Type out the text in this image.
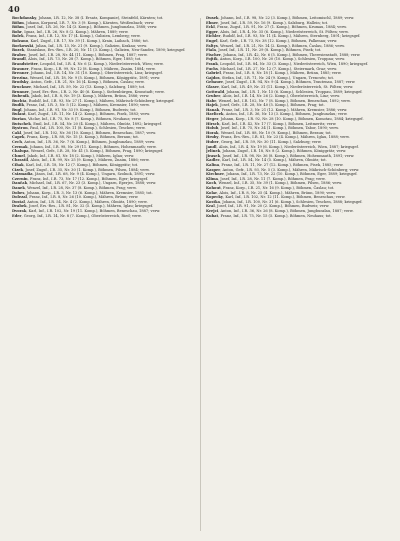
40

Bochdansky, Johann, I.R. 12, Nr. 38 (I. Ersatz, Kompanie), Steinfeld, Kärnten; tot.

Böhm, Johann, Korporal, I.R. 7, Nr. 3 (9. Komp.), Kärnten, Weißenbach; verw.

Böhm, Josef, Inf., I.R. 26, Nr. 14 (3. Komp.), Böhmen, Jungbunzlau, 1888; verw.

Bohr, Ignaz, Inf., I.R. 26, Nr. 8 (2. Komp.), Mähren, 1889; verw.

Bolek, Franz, Inf., I.R. 12, Nr. 17 (4. Komp.), Galizien, Lemberg; verw.

Bolzano, Karl, Zugsf., I.R. 17, Nr. 39 (1. Komp.), Krain, Laibach, 1886; tot.

Borkowski, Julian, Inf., I.R. 13, Nr. 21 (9. Komp.), Galizien, Krakau; verw.

Bozek, Stanislaus, Ers.-Res., I.R. 20, Nr. 11 (3. Komp.), Galizien, Neu-Sandez, 1890; kriegsgef.

Brabec, Josef, Inf., I.R. 28, Nr. 44 (11. Komp.), Böhmen, Prag, 1887; verw.

Brandl, Alois, Inf., I.R. 73, Nr. 28 (7. Komp.), Böhmen, Eger, 1885; tot.

Brandstetter, Leopold, Inf., I.R. 4, Nr. 6 (2. Komp.), Niederösterreich, Wien; verw.

Brauner, Franz, Korp., I.R. 99, Nr. 12 (8. Komp.), Mähren, Znaim, 1884; verw.

Brenner, Johann, Inf., I.R. 14, Nr. 31 (10. Komp.), Oberösterreich, Linz; kriegsgef.

Brezina, Wenzel, Inf., I.R. 18, Nr. 9 (5. Komp.), Böhmen, Königgrätz, 1891; verw.

Brodsky, Anton, Gefr., I.R. 21, Nr. 16 (4. Komp.), Böhmen, Časlau; verw.

Bruckner, Michael, Inf., I.R. 59, Nr. 22 (13. Komp.), Salzburg, 1889; tot.

Brunner, Josef, Ers.-Res., I.R. 2, Nr. 40 (6. Komp.), Siebenbürgen, Kronstadt; verw.

Bubenik, Jakob, Inf., I.R. 8, Nr. 19 (3. Komp.), Mähren, Brünn, 1886; verw.

Buchta, Rudolf, Inf., I.R. 93, Nr. 27 (1. Komp.), Mähren, Mährisch-Schönberg; kriegsgef.

Budik, Franz, Inf., I.R. 3, Nr. 5 (12. Komp.), Mähren, Kremsier, 1890; verw.

Bugl, Johann, Inf., I.R. 91, Nr. 33 (9. Komp.), Böhmen, Budweis; tot.

Bulant, Karl, Zugsf., I.R. 11, Nr. 14 (2. Komp.), Böhmen, Pisek, 1883; verw.

Burian, Václav, Inf., I.R. 75, Nr. 8 (7. Komp.), Böhmen, Neuhaus; verw.

Butschek, Emil, Inf., I.R. 54, Nr. 20 (4. Komp.), Mähren, Olmütz, 1892; kriegsgef.

Bystron, Paul, Inf., I.R. 100, Nr. 11 (8. Komp.), Schlesien, Teschen; verw.

Cakl, Josef, Inf., I.R. 102, Nr. 36 (10. Komp.), Böhmen, Beneschau, 1887; verw.

Capek, Franz, Korp., I.R. 88, Nr. 15 (3. Komp.), Böhmen, Beraun; tot.

Cech, Anton, Inf., I.R. 36, Nr. 7 (6. Komp.), Böhmen, Jungbunzlau, 1889; verw.

Cermak, Johann, Inf., I.R. 98, Nr. 29 (11. Komp.), Böhmen, Hohenmauth; verw.

Chalupa, Wenzel, Gefr., I.R. 28, Nr. 41 (5. Komp.), Böhmen, Prag, 1890; kriegsgef.

Chmel, Jakob, Inf., I.R. 81, Nr. 18 (2. Komp.), Mähren, Iglau; verw.

Chrastil, Alois, Inf., I.R. 99, Nr. 25 (9. Komp.), Mähren, Znaim, 1886; verw.

Cihak, Karl, Inf., I.R. 18, Nr. 12 (7. Komp.), Böhmen, Königgrätz; tot.

Cizek, Josef, Zugsf., I.R. 35, Nr. 30 (1. Komp.), Böhmen, Pilsen, 1884; verw.

Csizmadia, János, Inf., I.R. 68, Nr. 9 (4. Komp.), Ungarn, Szolnok, 1891; verw.

Czernin, Franz, Inf., I.R. 73, Nr. 17 (12. Komp.), Böhmen, Eger; kriegsgef.

Dančak, Michael, Inf., I.R. 67, Nr. 23 (3. Komp.), Ungarn, Eperjes, 1888; verw.

Danek, Wenzel, Inf., I.R. 28, Nr. 37 (8. Komp.), Böhmen, Prag; verw.

Dobes, Johann, Korp., I.R. 3, Nr. 13 (6. Komp.), Mähren, Kremsier, 1885; tot.

Dolezal, Franz, Inf., I.R. 8, Nr. 26 (10. Komp.), Mähren, Brünn; verw.

Dostal, Anton, Inf., I.R. 54, Nr. 4 (2. Komp.), Mähren, Olmütz, 1890; verw.

Drabek, Josef, Ers.-Res., I.R. 81, Nr. 32 (5. Komp.), Mähren, Iglau; kriegsgef.

Dvorak, Karl, Inf., I.R. 102, Nr. 19 (11. Komp.), Böhmen, Beneschau, 1887; verw.

Eder, Georg, Inf., I.R. 14, Nr. 8 (7. Komp.), Oberösterreich, Ried; verw.

Dusek, Johann, Inf., I.R. 98, Nr. 22 (3. Komp.), Böhmen, Leitomischl, 1889; verw.

Ebner, Josef, Inf., I.R. 59, Nr. 16 (9. Komp.), Salzburg, Hallein; tot.

Eckl, Franz, Zugsf., I.R. 91, Nr. 27 (1. Komp.), Böhmen, Krumau, 1884; verw.

Egger, Alois, Inf., I.R. 4, Nr. 35 (6. Komp.), Niederösterreich, St. Pölten; verw.

Eichler, Rudolf, Inf., I.R. 93, Nr. 11 (4. Komp.), Mähren, Sternberg, 1891; kriegsgef.

Engel, Karl, Gefr., I.R. 73, Nr. 38 (12. Komp.), Böhmen, Falkenau; verw.

Faltys, Wenzel, Inf., I.R. 21, Nr. 14 (2. Komp.), Böhmen, Časlau, 1886; verw.

Fiala, Josef, Inf., I.R. 11, Nr. 29 (8. Komp.), Böhmen, Pisek; tot.

Fischer, Johann, Inf., I.R. 42, Nr. 6 (5. Komp.), Böhmen, Theresienstadt, 1888; verw.

Fojtik, Anton, Korp., I.R. 100, Nr. 20 (10. Komp.), Schlesien, Troppau; verw.

Frank, Leopold, Inf., I.R. 84, Nr. 33 (3. Komp.), Niederösterreich, Wien, 1890; kriegsgef.

Fuchs, Michael, Inf., I.R. 27, Nr. 12 (7. Komp.), Steiermark, Graz; verw.

Gabriel, Franz, Inf., I.R. 8, Nr. 18 (1. Komp.), Mähren, Brünn, 1885; verw.

Gajdos, Stefan, Inf., I.R. 71, Nr. 24 (9. Komp.), Ungarn, Trencsén; tot.

Gebauer, Josef, Zugsf., I.R. 94, Nr. 9 (4. Komp.), Böhmen, Trautenau, 1887; verw.

Glaser, Karl, Inf., I.R. 49, Nr. 31 (11. Komp.), Niederösterreich, St. Pölten; verw.

Gottwald, Johann, Inf., I.R. 1, Nr. 15 (6. Komp.), Schlesien, Troppau, 1889; kriegsgef.

Gruber, Alois, Inf., I.R. 14, Nr. 26 (2. Komp.), Oberösterreich, Linz; verw.

Habr, Wenzel, Inf., I.R. 102, Nr. 7 (8. Komp.), Böhmen, Beneschau, 1892; verw.

Hajek, Josef, Gefr., I.R. 28, Nr. 40 (5. Komp.), Böhmen, Prag; tot.

Hanak, Franz, Inf., I.R. 3, Nr. 21 (12. Komp.), Mähren, Kremsier, 1886; verw.

Havlicek, Anton, Inf., I.R. 36, Nr. 13 (3. Komp.), Böhmen, Jungbunzlau; verw.

Heger, Johann, Korp., I.R. 92, Nr. 28 (10. Komp.), Böhmen, Komotau, 1884; kriegsgef.

Hirsch, Karl, Inf., I.R. 42, Nr. 17 (7. Komp.), Böhmen, Leitmeritz; verw.

Holub, Josef, Inf., I.R. 75, Nr. 34 (1. Komp.), Böhmen, Tabor, 1890; verw.

Horak, Wenzel, Inf., I.R. 88, Nr. 10 (9. Komp.), Böhmen, Beraun; tot.

Hruby, Franz, Ers.-Res., I.R. 81, Nr. 23 (4. Komp.), Mähren, Iglau, 1888; verw.

Huber, Georg, Inf., I.R. 59, Nr. 30 (11. Komp.), Salzburg; verw.

Jandl, Alois, Inf., I.R. 4, Nr. 19 (6. Komp.), Niederösterreich, Wien, 1887; kriegsgef.

Jelinek, Johann, Zugsf., I.R. 18, Nr. 8 (2. Komp.), Böhmen, Königgrätz; verw.

Jirasek, Josef, Inf., I.R. 98, Nr. 36 (8. Komp.), Böhmen, Hohenmauth, 1891; verw.

Kadlec, Karl, Inf., I.R. 54, Nr. 14 (5. Komp.), Mähren, Olmütz; tot.

Kalina, Franz, Inf., I.R. 11, Nr. 27 (12. Komp.), Böhmen, Pisek, 1885; verw.

Kasper, Anton, Gefr., I.R. 93, Nr. 5 (3. Komp.), Mähren, Mährisch-Schönberg; verw.

Kirchner, Johann, Inf., I.R. 73, Nr. 22 (10. Komp.), Böhmen, Eger, 1889; kriegsgef.

Klima, Josef, Inf., I.R. 28, Nr. 11 (7. Komp.), Böhmen, Prag; verw.

Koch, Wenzel, Inf., I.R. 35, Nr. 39 (1. Komp.), Böhmen, Pilsen, 1886; verw.

Kohout, Franz, Korp., I.R. 21, Nr. 16 (9. Komp.), Böhmen, Časlau; tot.

Kolar, Alois, Inf., I.R. 8, Nr. 25 (4. Komp.), Mähren, Brünn, 1890; verw.

Kopecky, Karl, Inf., I.R. 102, Nr. 12 (11. Komp.), Böhmen, Beneschau; verw.

Kostka, Johann, Inf., I.R. 100, Nr. 31 (6. Komp.), Schlesien, Teschen, 1888; kriegsgef.

Kral, Josef, Inf., I.R. 91, Nr. 20 (2. Komp.), Böhmen, Budweis; verw.

Krejci, Anton, Inf., I.R. 36, Nr. 26 (8. Komp.), Böhmen, Jungbunzlau, 1887; verw.

Kubat, Franz, Inf., I.R. 75, Nr. 15 (5. Komp.), Böhmen, Neuhaus; tot.
